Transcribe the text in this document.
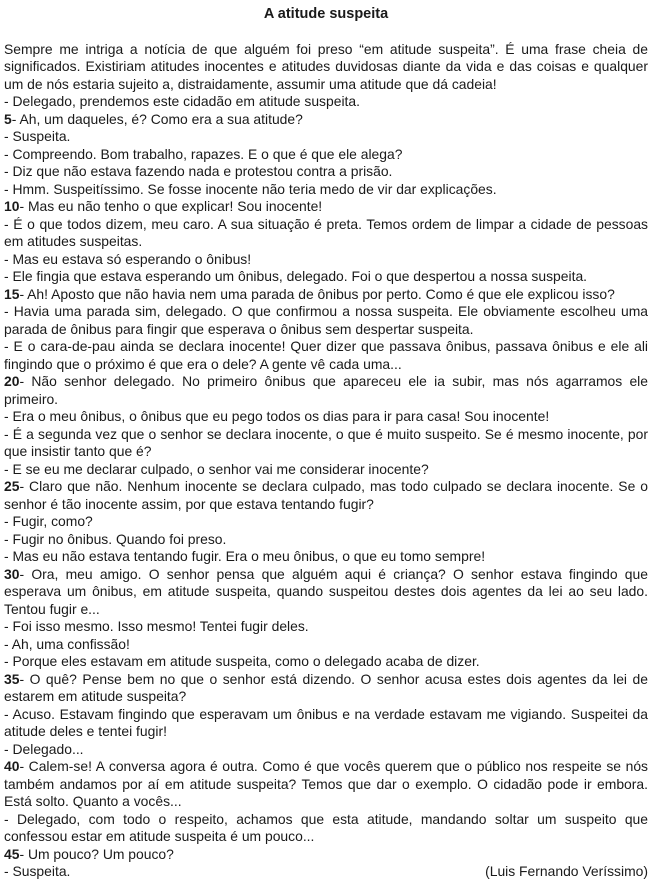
A atitude suspeita

Sempre me intriga a notícia de que alguém foi preso “em atitude suspeita”. É uma frase cheia de significados. Existiriam atitudes inocentes e atitudes duvidosas diante da vida e das coisas e qualquer um de nós estaria sujeito a, distraidamente, assumir uma atitude que dá cadeia!

- Delegado, prendemos este cidadão em atitude suspeita.

5- Ah, um daqueles, é? Como era a sua atitude?

- Suspeita.

- Compreendo. Bom trabalho, rapazes. E o que é que ele alega?

- Diz que não estava fazendo nada e protestou contra a prisão.

- Hmm. Suspeitíssimo. Se fosse inocente não teria medo de vir dar explicações.

10- Mas eu não tenho o que explicar! Sou inocente!

- É o que todos dizem, meu caro. A sua situação é preta. Temos ordem de limpar a cidade de pessoas em atitudes suspeitas.

- Mas eu estava só esperando o ônibus!

- Ele fingia que estava esperando um ônibus, delegado. Foi o que despertou a nossa suspeita.

15- Ah! Aposto que não havia nem uma parada de ônibus por perto. Como é que ele explicou isso?

- Havia uma parada sim, delegado. O que confirmou a nossa suspeita. Ele obviamente escolheu uma parada de ônibus para fingir que esperava o ônibus sem despertar suspeita.

- E o cara-de-pau ainda se declara inocente! Quer dizer que passava ônibus, passava ônibus e ele ali fingindo que o próximo é que era o dele? A gente vê cada uma...

20- Não senhor delegado. No primeiro ônibus que apareceu ele ia subir, mas nós agarramos ele primeiro.

- Era o meu ônibus, o ônibus que eu pego todos os dias para ir para casa! Sou inocente!

- É a segunda vez que o senhor se declara inocente, o que é muito suspeito. Se é mesmo inocente, por que insistir tanto que é?

- E se eu me declarar culpado, o senhor vai me considerar inocente?

25- Claro que não. Nenhum inocente se declara culpado, mas todo culpado se declara inocente. Se o senhor é tão inocente assim, por que estava tentando fugir?

- Fugir, como?

- Fugir no ônibus. Quando foi preso.

- Mas eu não estava tentando fugir. Era o meu ônibus, o que eu tomo sempre!

30- Ora, meu amigo. O senhor pensa que alguém aqui é criança? O senhor estava fingindo que esperava um ônibus, em atitude suspeita, quando suspeitou destes dois agentes da lei ao seu lado. Tentou fugir e...

- Foi isso mesmo. Isso mesmo! Tentei fugir deles.

- Ah, uma confissão!

- Porque eles estavam em atitude suspeita, como o delegado acaba de dizer.

35- O quê? Pense bem no que o senhor está dizendo. O senhor acusa estes dois agentes da lei de estarem em atitude suspeita?

- Acuso. Estavam fingindo que esperavam um ônibus e na verdade estavam me vigiando. Suspeitei da atitude deles e tentei fugir!

- Delegado...

40- Calem-se! A conversa agora é outra. Como é que vocês querem que o público nos respeite se nós também andamos por aí em atitude suspeita? Temos que dar o exemplo. O cidadão pode ir embora. Está solto. Quanto a vocês...

- Delegado, com todo o respeito, achamos que esta atitude, mandando soltar um suspeito que confessou estar em atitude suspeita é um pouco...

45- Um pouco? Um pouco?

- Suspeita.	(Luis Fernando Veríssimo)
